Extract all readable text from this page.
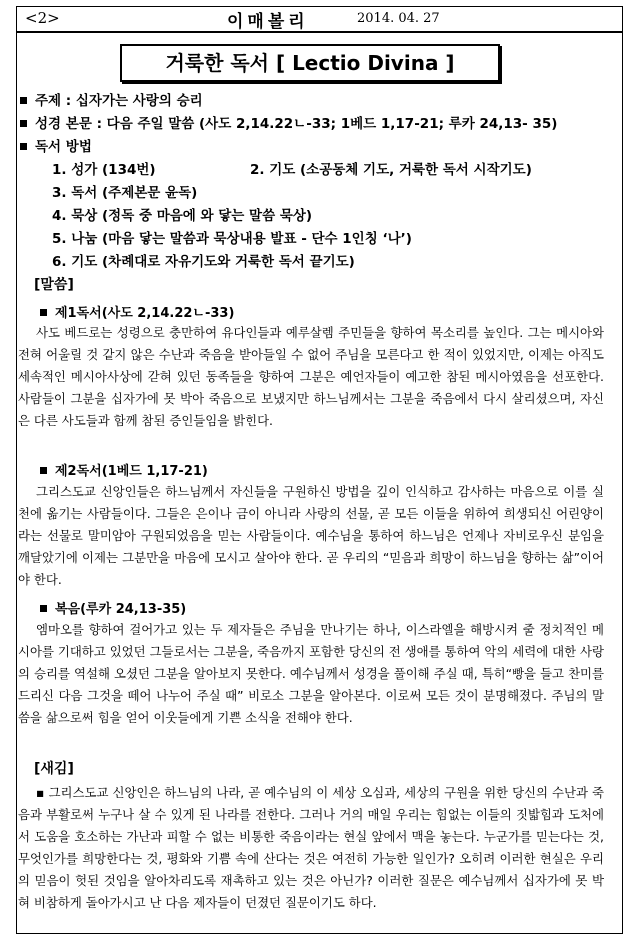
<2>	이매볼리	2014. 04. 27
거룩한 독서 [ Lectio Divina ]
주제 : 십자가는 사랑의 승리
성경 본문 : 다음 주일 말씀 (사도 2,14.22ㄴ-33; 1베드 1,17-21; 루카 24,13- 35)
독서 방법
1. 성가 (134번)	2. 기도 (소공동체 기도, 거룩한 독서 시작기도)
3. 독서 (주제본문 윤독)
4. 묵상 (정독 중 마음에 와 닿는 말씀 묵상)
5. 나눔 (마음 닿는 말씀과 묵상내용 발표 - 단수 1인칭 ‘나’)
6. 기도 (차례대로 자유기도와 거룩한 독서 끝기도)
[말씀]
제1독서(사도 2,14.22ㄴ-33)
사도 베드로는 성령으로 충만하여 유다인들과 예루살렘 주민들을 향하여 목소리를 높인다. 그는 메시아와 전혀 어울릴 것 같지 않은 수난과 죽음을 받아들일 수 없어 주님을 모른다고 한 적이 있었지만, 이제는 아직도 세속적인 메시아사상에 갇혀 있던 동족들을 향하여 그분은 예언자들이 예고한 참된 메시아였음을 선포한다. 사람들이 그분을 십자가에 못 박아 죽음으로 보냈지만 하느님께서는 그분을 죽음에서 다시 살리셨으며, 자신은 다른 사도들과 함께 참된 증인들임을 밝힌다.
제2독서(1베드 1,17-21)
그리스도교 신앙인들은 하느님께서 자신들을 구원하신 방법을 깊이 인식하고 감사하는 마음으로 이를 실천에 옮기는 사람들이다. 그들은 은이나 금이 아니라 사랑의 선물, 곧 모든 이들을 위하여 희생되신 어린양이라는 선물로 말미암아 구원되었음을 믿는 사람들이다. 예수님을 통하여 하느님은 언제나 자비로우신 분임을 깨달았기에 이제는 그분만을 마음에 모시고 살아야 한다. 곧 우리의 “믿음과 희망이 하느님을 향하는 삶”이어야 한다.
복음(루카 24,13-35)
엠마오를 향하여 걸어가고 있는 두 제자들은 주님을 만나기는 하나, 이스라엘을 해방시켜 줄 정치적인 메시아를 기대하고 있었던 그들로서는 그분을, 죽음까지 포함한 당신의 전 생애를 통하여 악의 세력에 대한 사랑의 승리를 역설해 오셨던 그분을 알아보지 못한다. 예수님께서 성경을 풀이해 주실 때, 특히“빵을 들고 찬미를 드리신 다음 그것을 떼어 나누어 주실 때” 비로소 그분을 알아본다. 이로써 모든 것이 분명해졌다. 주님의 말씀을 삶으로써 힘을 얻어 이웃들에게 기쁜 소식을 전해야 한다.
[새김]
▪ 그리스도교 신앙인은 하느님의 나라, 곧 예수님의 이 세상 오심과, 세상의 구원을 위한 당신의 수난과 죽음과 부활로써 누구나 살 수 있게 된 나라를 전한다. 그러나 거의 매일 우리는 힘없는 이들의 짓밟힘과 도처에서 도움을 호소하는 가난과 피할 수 없는 비통한 죽음이라는 현실 앞에서 맥을 놓는다. 누군가를 믿는다는 것, 무엇인가를 희망한다는 것, 평화와 기쁨 속에 산다는 것은 여전히 가능한 일인가? 오히려 이러한 현실은 우리의 믿음이 헛된 것임을 알아차리도록 재촉하고 있는 것은 아닌가? 이러한 질문은 예수님께서 십자가에 못 박혀 비참하게 돌아가시고 난 다음 제자들이 던졌던 질문이기도 하다.
